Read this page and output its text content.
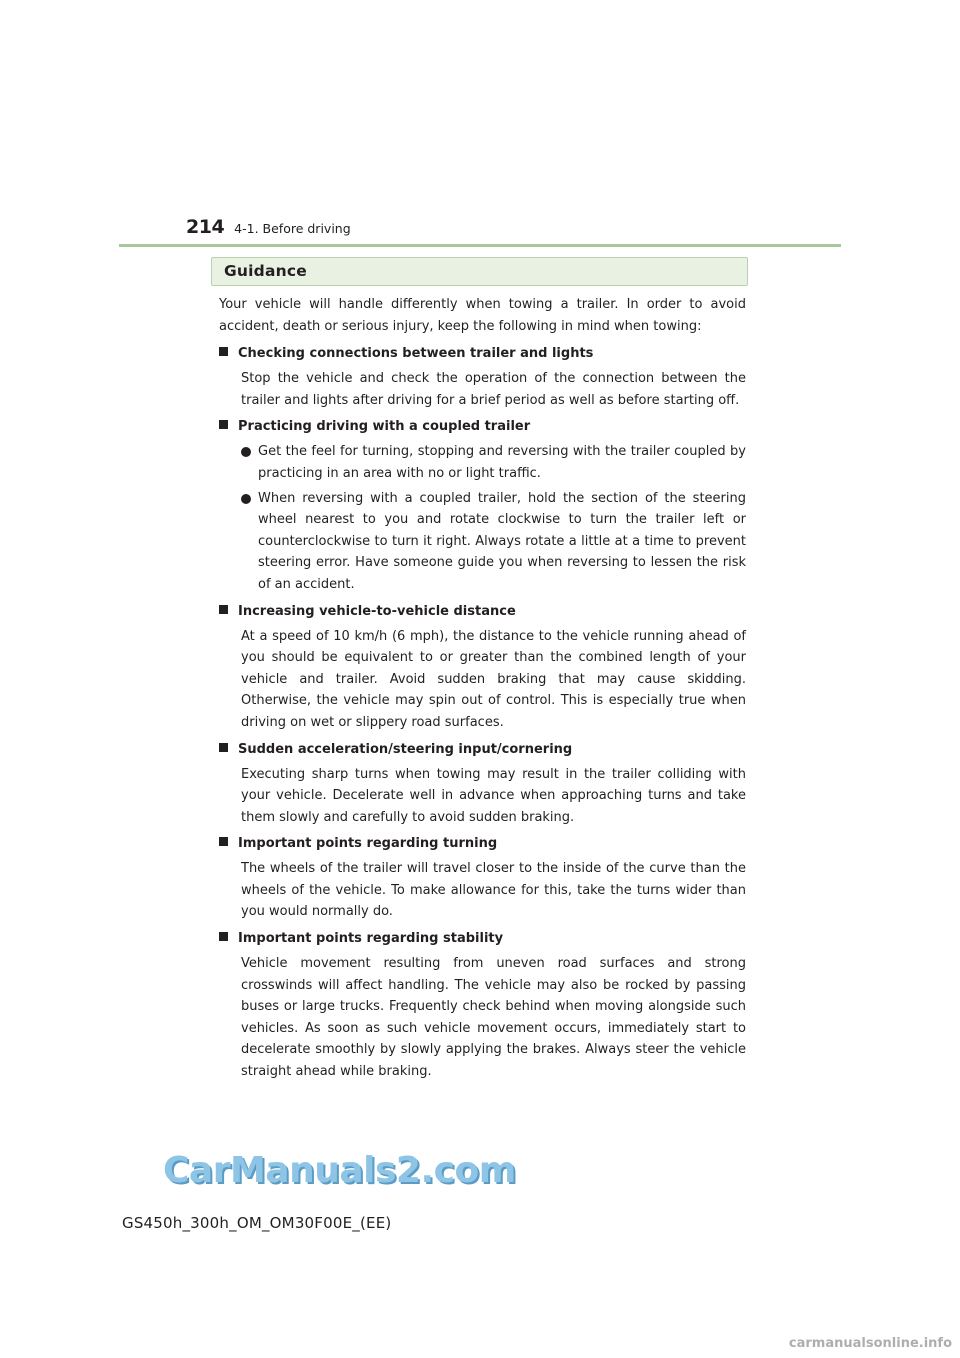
214 4-1. Before driving
Guidance

Your vehicle will handle differently when towing a trailer. In order to avoid accident, death or serious injury, keep the following in mind when towing:

Checking connections between trailer and lights
Stop the vehicle and check the operation of the connection between the trailer and lights after driving for a brief period as well as before starting off.
Practicing driving with a coupled trailer
Get the feel for turning, stopping and reversing with the trailer coupled by practicing in an area with no or light traffic.
When reversing with a coupled trailer, hold the section of the steering wheel nearest to you and rotate clockwise to turn the trailer left or counterclockwise to turn it right. Always rotate a little at a time to prevent steering error. Have someone guide you when reversing to lessen the risk of an accident.
Increasing vehicle-to-vehicle distance
At a speed of 10 km/h (6 mph), the distance to the vehicle running ahead of you should be equivalent to or greater than the combined length of your vehicle and trailer. Avoid sudden braking that may cause skidding. Otherwise, the vehicle may spin out of control. This is especially true when driving on wet or slippery road surfaces.
Sudden acceleration/steering input/cornering
Executing sharp turns when towing may result in the trailer colliding with your vehicle. Decelerate well in advance when approaching turns and take them slowly and carefully to avoid sudden braking.
Important points regarding turning
The wheels of the trailer will travel closer to the inside of the curve than the wheels of the vehicle. To make allowance for this, take the turns wider than you would normally do.
Important points regarding stability
Vehicle movement resulting from uneven road surfaces and strong crosswinds will affect handling. The vehicle may also be rocked by passing buses or large trucks. Frequently check behind when moving alongside such vehicles. As soon as such vehicle movement occurs, immediately start to decelerate smoothly by slowly applying the brakes. Always steer the vehicle straight ahead while braking.
CarManuals2.com
GS450h_300h_OM_OM30F00E_(EE)
carmanualsonline.info
